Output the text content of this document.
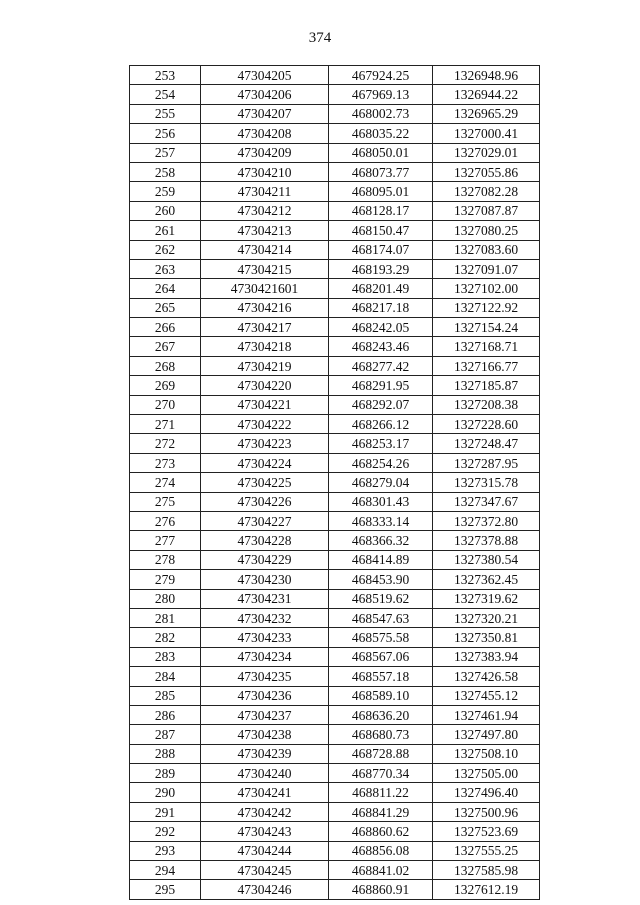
374
253	47304205	467924.25	1326948.96
254	47304206	467969.13	1326944.22
255	47304207	468002.73	1326965.29
256	47304208	468035.22	1327000.41
257	47304209	468050.01	1327029.01
258	47304210	468073.77	1327055.86
259	47304211	468095.01	1327082.28
260	47304212	468128.17	1327087.87
261	47304213	468150.47	1327080.25
262	47304214	468174.07	1327083.60
263	47304215	468193.29	1327091.07
264	4730421601	468201.49	1327102.00
265	47304216	468217.18	1327122.92
266	47304217	468242.05	1327154.24
267	47304218	468243.46	1327168.71
268	47304219	468277.42	1327166.77
269	47304220	468291.95	1327185.87
270	47304221	468292.07	1327208.38
271	47304222	468266.12	1327228.60
272	47304223	468253.17	1327248.47
273	47304224	468254.26	1327287.95
274	47304225	468279.04	1327315.78
275	47304226	468301.43	1327347.67
276	47304227	468333.14	1327372.80
277	47304228	468366.32	1327378.88
278	47304229	468414.89	1327380.54
279	47304230	468453.90	1327362.45
280	47304231	468519.62	1327319.62
281	47304232	468547.63	1327320.21
282	47304233	468575.58	1327350.81
283	47304234	468567.06	1327383.94
284	47304235	468557.18	1327426.58
285	47304236	468589.10	1327455.12
286	47304237	468636.20	1327461.94
287	47304238	468680.73	1327497.80
288	47304239	468728.88	1327508.10
289	47304240	468770.34	1327505.00
290	47304241	468811.22	1327496.40
291	47304242	468841.29	1327500.96
292	47304243	468860.62	1327523.69
293	47304244	468856.08	1327555.25
294	47304245	468841.02	1327585.98
295	47304246	468860.91	1327612.19
